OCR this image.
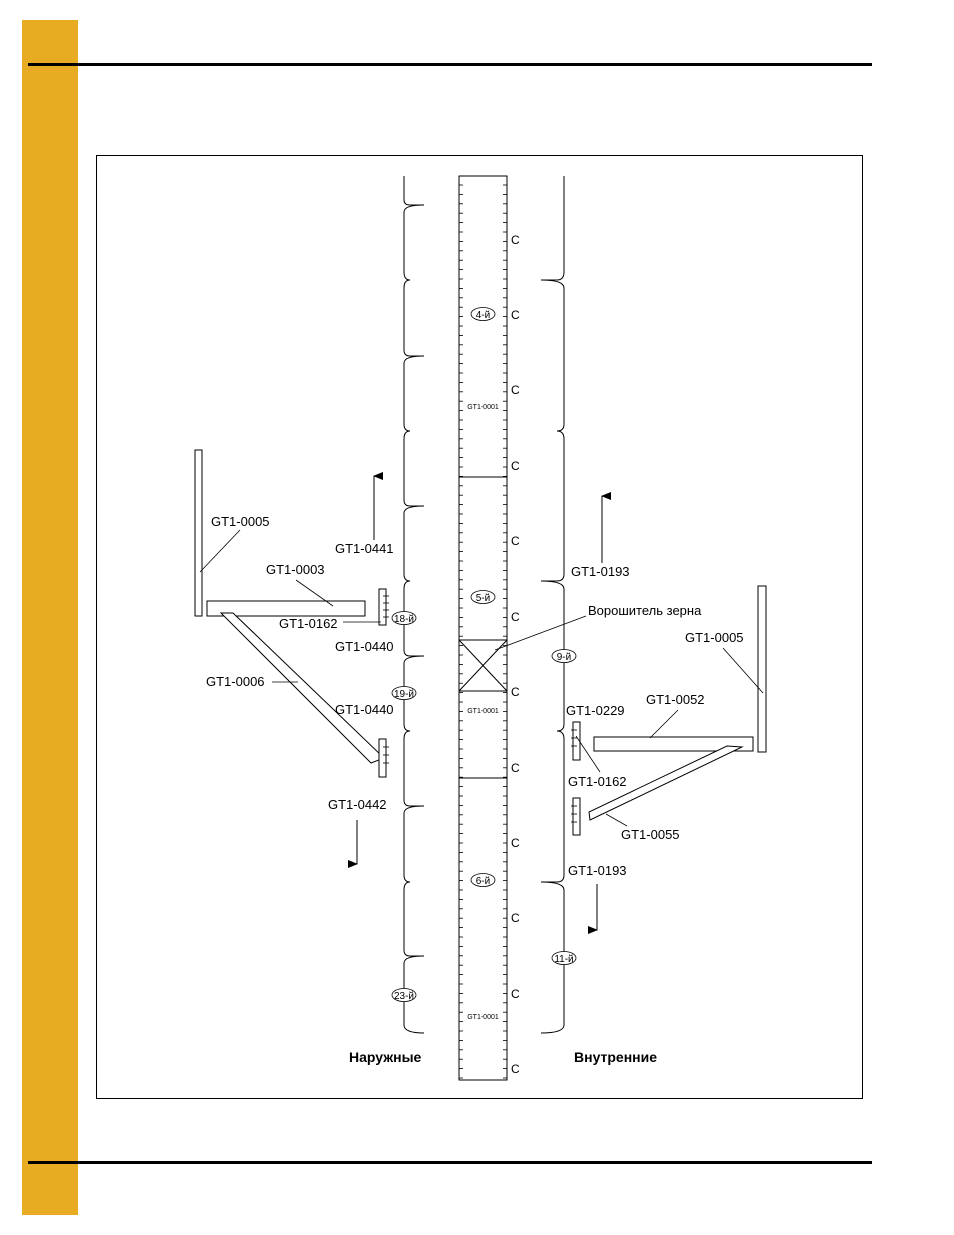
4-й
5-й
6-й
GT1-0001
GT1-0001
GT1-0001
C
C
C
C
C
C
C
C
C
C
C
C
GT1-0005
GT1-0441
GT1-0003
GT1-0162
GT1-0440
GT1-0006
GT1-0440
GT1-0442
18-й
19-й
23-й
GT1-0193
Ворошитель зерна
GT1-0005
GT1-0229
GT1-0052
GT1-0162
GT1-0055
GT1-0193
9-й
11-й
Наружные	Внутренние
